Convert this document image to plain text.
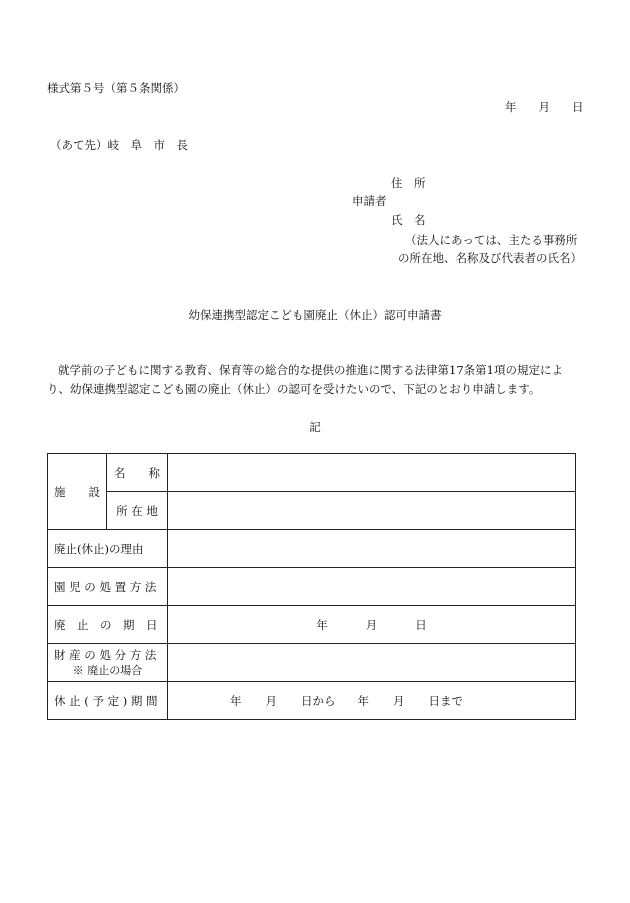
様式第５号（第５条関係）
年 月 日
（あて先）岐　阜　市　長
住　所
申請者
氏　名
（法人にあっては、主たる事務所
の所在地、名称及び代表者の氏名）
幼保連携型認定こども園廃止（休止）認可申請書
就学前の子どもに関する教育、保育等の総合的な提供の推進に関する法律第17条第1項の規定により、幼保連携型認定こども園の廃止（休止）の認可を受けたいので、下記のとおり申請します。
記
施　　設	名　　称	
	所 在 地	
廃止(休止)の理由		
園 児 の 処 置 方 法		
廃　止　の　期　日		年 月 日

財 産 の 処 分 方 法
※ 廃止の場合		

休 止 ( 予 定 ) 期 間		年 月 日から 年 月 日まで
